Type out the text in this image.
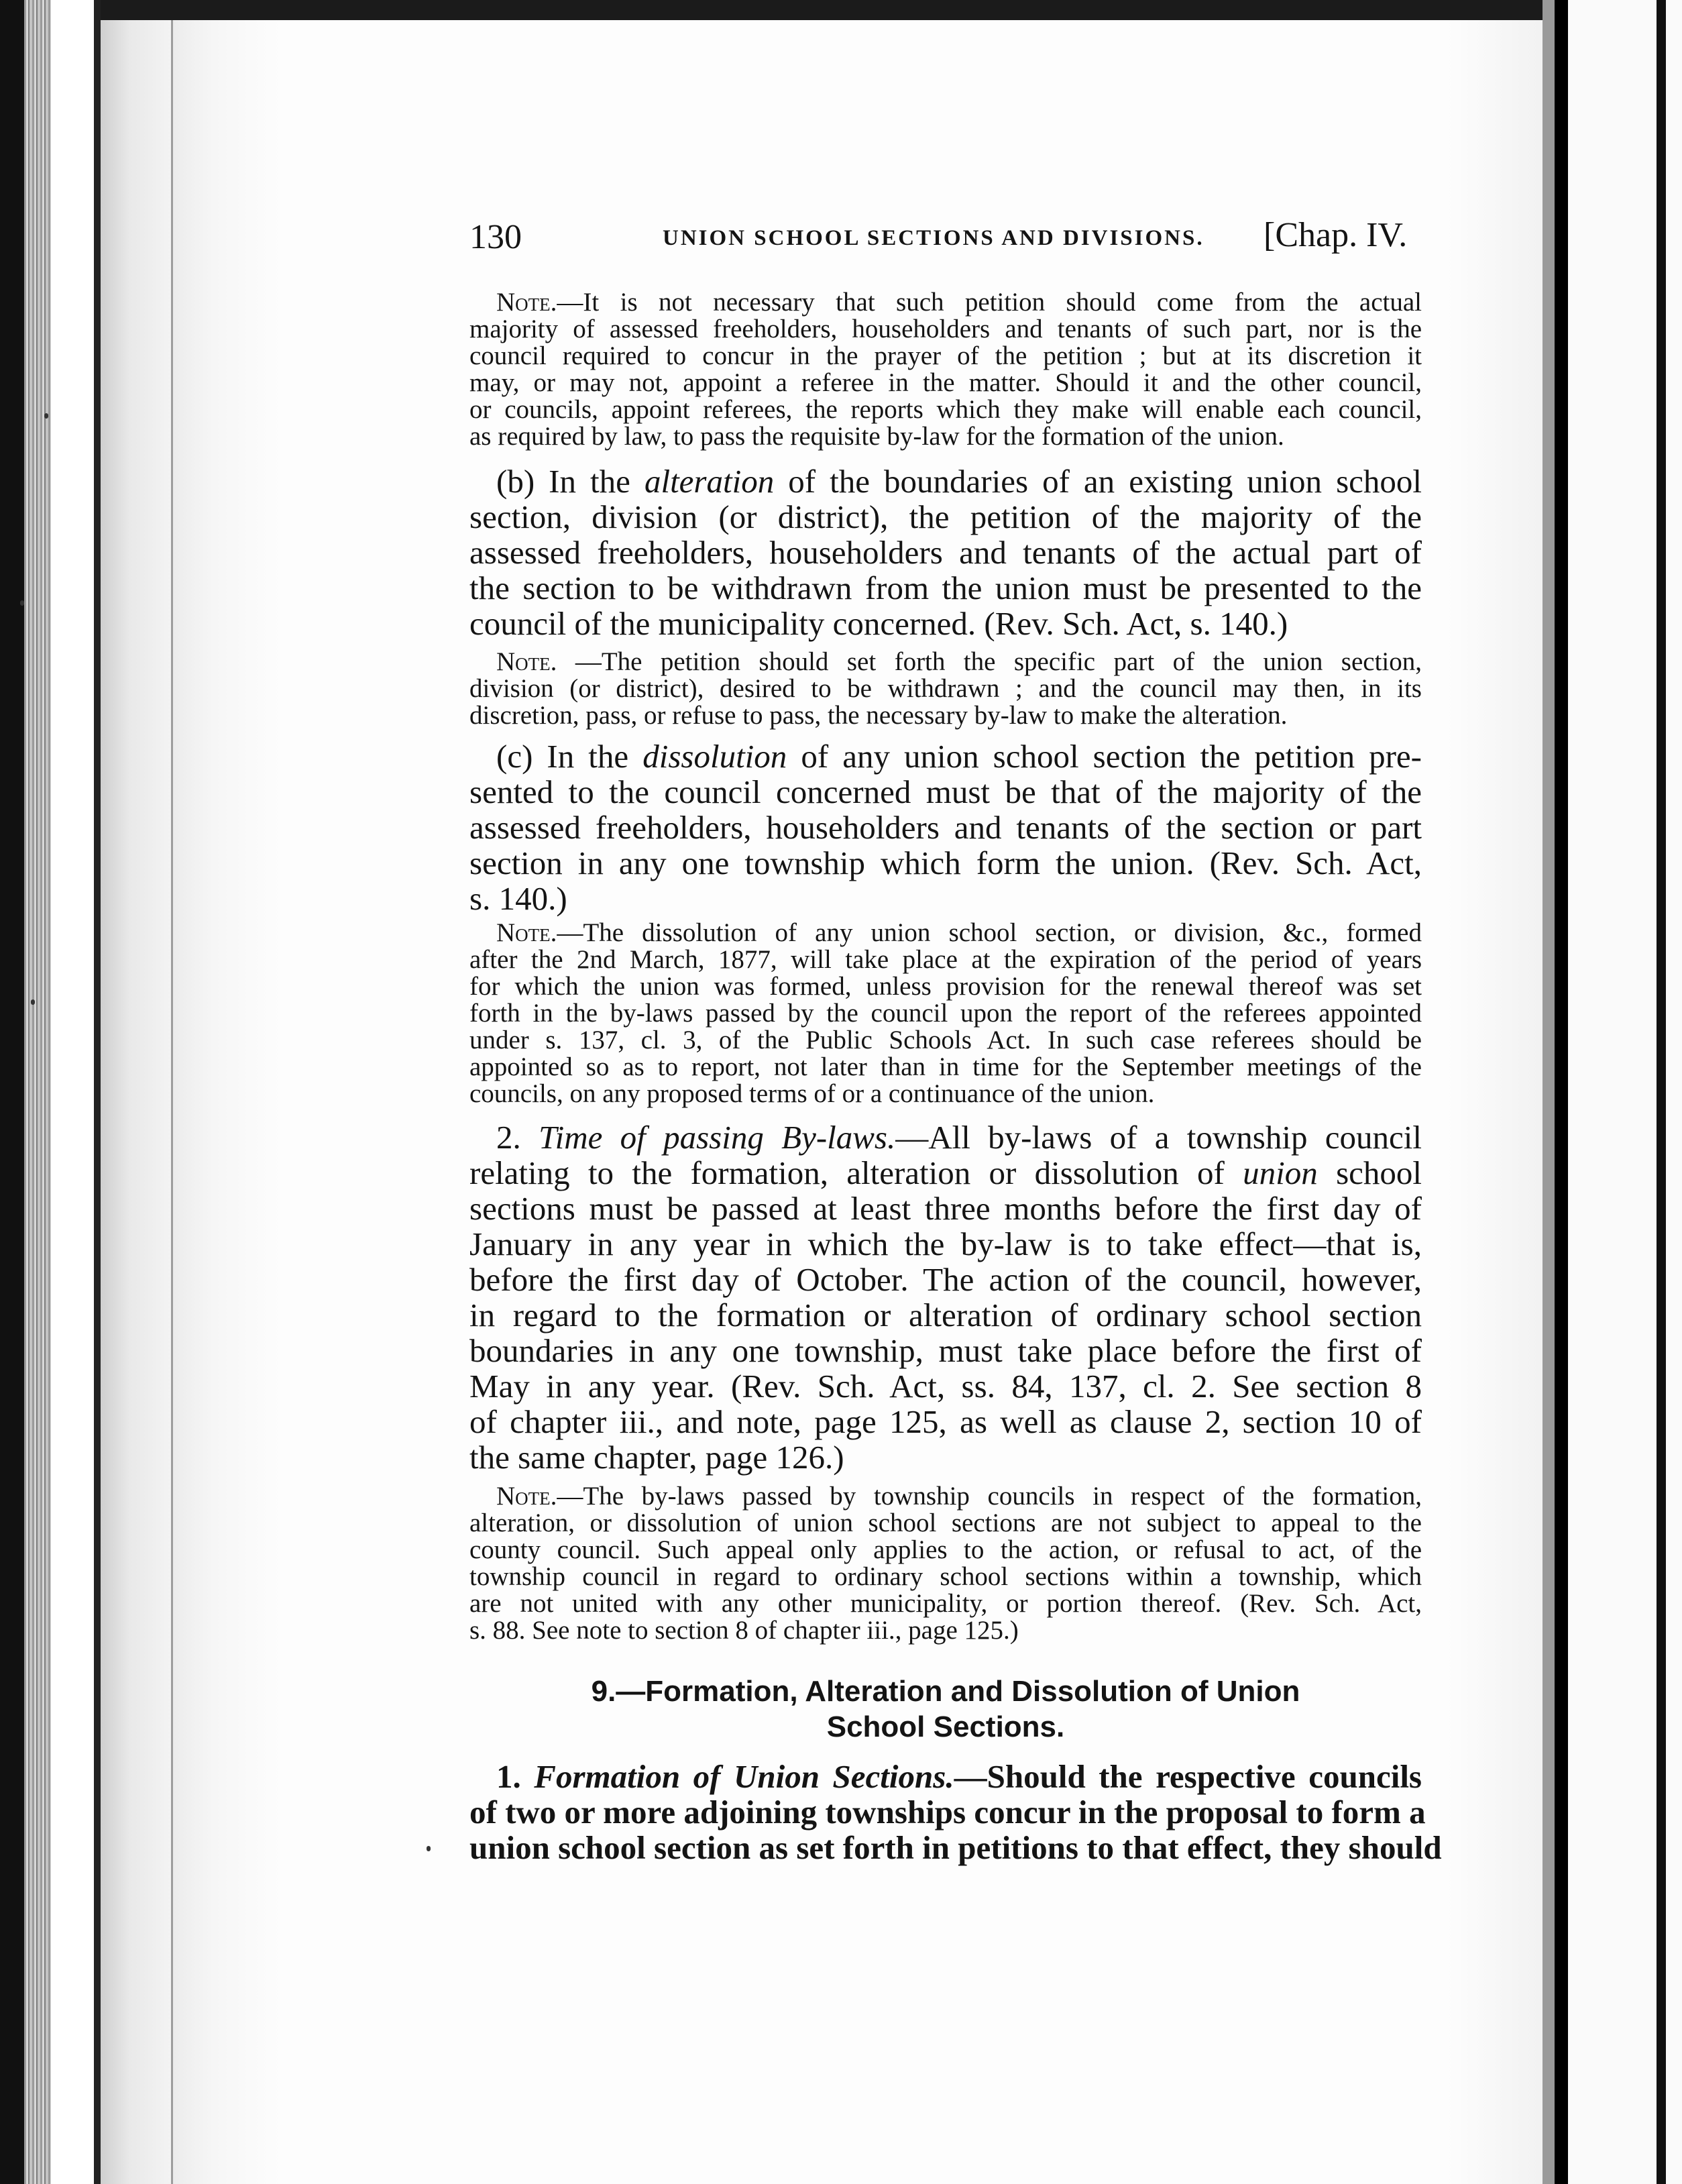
130	UNION SCHOOL SECTIONS AND DIVISIONS. [Chap. IV.
Note.—It is not necessary that such petition should come from the actual
majority of assessed freeholders, householders and tenants of such part, nor is the
council required to concur in the prayer of the petition ; but at its discretion it
may, or may not, appoint a referee in the matter. Should it and the other council,
or councils, appoint referees, the reports which they make will enable each council,
as required by law, to pass the requisite by-law for the formation of the union.
(b) In the alteration of the boundaries of an existing union school
section, division (or district), the petition of the majority of the
assessed freeholders, householders and tenants of the actual part of
the section to be withdrawn from the union must be presented to the
council of the municipality concerned. (Rev. Sch. Act, s. 140.)
Note. —The petition should set forth the specific part of the union section,
division (or district), desired to be withdrawn ; and the council may then, in its
discretion, pass, or refuse to pass, the necessary by-law to make the alteration.
(c) In the dissolution of any union school section the petition pre-
sented to the council concerned must be that of the majority of the
assessed freeholders, householders and tenants of the section or part
section in any one township which form the union. (Rev. Sch. Act,
s. 140.)
Note.—The dissolution of any union school section, or division, &c., formed
after the 2nd March, 1877, will take place at the expiration of the period of years
for which the union was formed, unless provision for the renewal thereof was set
forth in the by-laws passed by the council upon the report of the referees appointed
under s. 137, cl. 3, of the Public Schools Act. In such case referees should be
appointed so as to report, not later than in time for the September meetings of the
councils, on any proposed terms of or a continuance of the union.
2. Time of passing By-laws.—All by-laws of a township council
relating to the formation, alteration or dissolution of union school
sections must be passed at least three months before the first day of
January in any year in which the by-law is to take effect—that is,
before the first day of October. The action of the council, however,
in regard to the formation or alteration of ordinary school section
boundaries in any one township, must take place before the first of
May in any year. (Rev. Sch. Act, ss. 84, 137, cl. 2. See section 8
of chapter iii., and note, page 125, as well as clause 2, section 10 of
the same chapter, page 126.)
Note.—The by-laws passed by township councils in respect of the formation,
alteration, or dissolution of union school sections are not subject to appeal to the
county council. Such appeal only applies to the action, or refusal to act, of the
township council in regard to ordinary school sections within a township, which
are not united with any other municipality, or portion thereof. (Rev. Sch. Act,
s. 88. See note to section 8 of chapter iii., page 125.)
9.—Formation, Alteration and Dissolution of Union
School Sections.
1. Formation of Union Sections.—Should the respective councils
of two or more adjoining townships concur in the proposal to form a
union school section as set forth in petitions to that effect, they should
